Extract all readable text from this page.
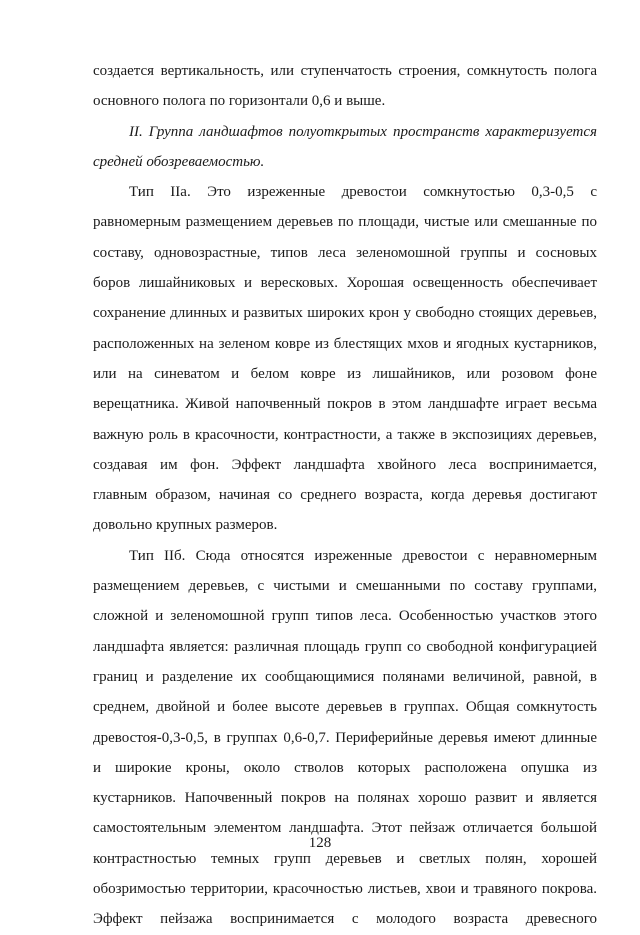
создается вертикальность, или ступенчатость строения, сомкнутость полога
основного полога по горизонтали 0,6 и выше.
II. Группа ландшафтов полуоткрытых пространств характеризуется
средней обозреваемостью.
Тип IIа. Это изреженные древостои сомкнутостью 0,3-0,5 с
равномерным размещением деревьев по площади, чистые или смешанные по
составу, одновозрастные, типов леса зеленомошной группы и сосновых
боров лишайниковых и вересковых. Хорошая освещенность обеспечивает
сохранение длинных и развитых широких крон у свободно стоящих деревьев,
расположенных на зеленом ковре из блестящих мхов и ягодных кустарников,
или на синеватом и белом ковре из лишайников, или розовом фоне
верещатника. Живой напочвенный покров в этом ландшафте играет весьма
важную роль в красочности, контрастности, а также в экспозициях деревьев,
создавая им фон. Эффект ландшафта хвойного леса воспринимается,
главным образом, начиная со среднего возраста, когда деревья достигают
довольно крупных размеров.
Тип IIб. Сюда относятся изреженные древостои с неравномерным
размещением деревьев, с чистыми и смешанными по составу группами,
сложной и зеленомошной групп типов леса. Особенностью участков этого
ландшафта является: различная площадь групп со свободной конфигурацией
границ и разделение их сообщающимися полянами величиной, равной, в
среднем, двойной и более высоте деревьев в группах. Общая сомкнутость
древостоя-0,3-0,5, в группах 0,6-0,7. Периферийные деревья имеют длинные
и широкие кроны, около стволов которых расположена опушка из
кустарников. Напочвенный покров на полянах хорошо развит и является
самостоятельным элементом ландшафта. Этот пейзаж отличается большой
контрастностью темных групп деревьев и светлых полян, хорошей
обозримостью территории, красочностью листьев, хвои и травяного покрова.
Эффект пейзажа воспринимается с молодого возраста древесного
128
